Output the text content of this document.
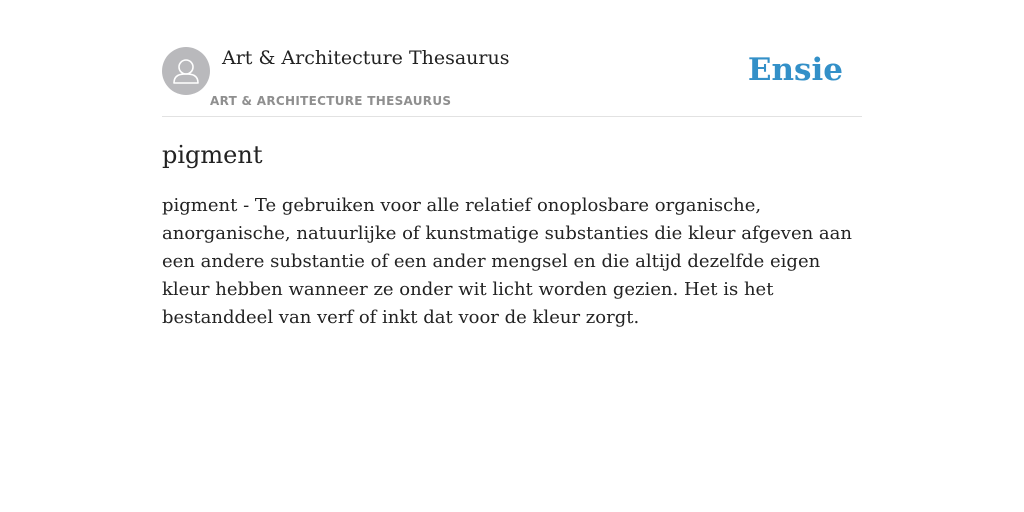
Art & Architecture Thesaurus
ART & ARCHITECTURE THESAURUS
Ensie
pigment

pigment - Te gebruiken voor alle relatief onoplosbare organische, anorganische, natuurlijke of kunstmatige substanties die kleur afgeven aan een andere substantie of een ander mengsel en die altijd dezelfde eigen kleur hebben wanneer ze onder wit licht worden gezien. Het is het bestanddeel van verf of inkt dat voor de kleur zorgt.
